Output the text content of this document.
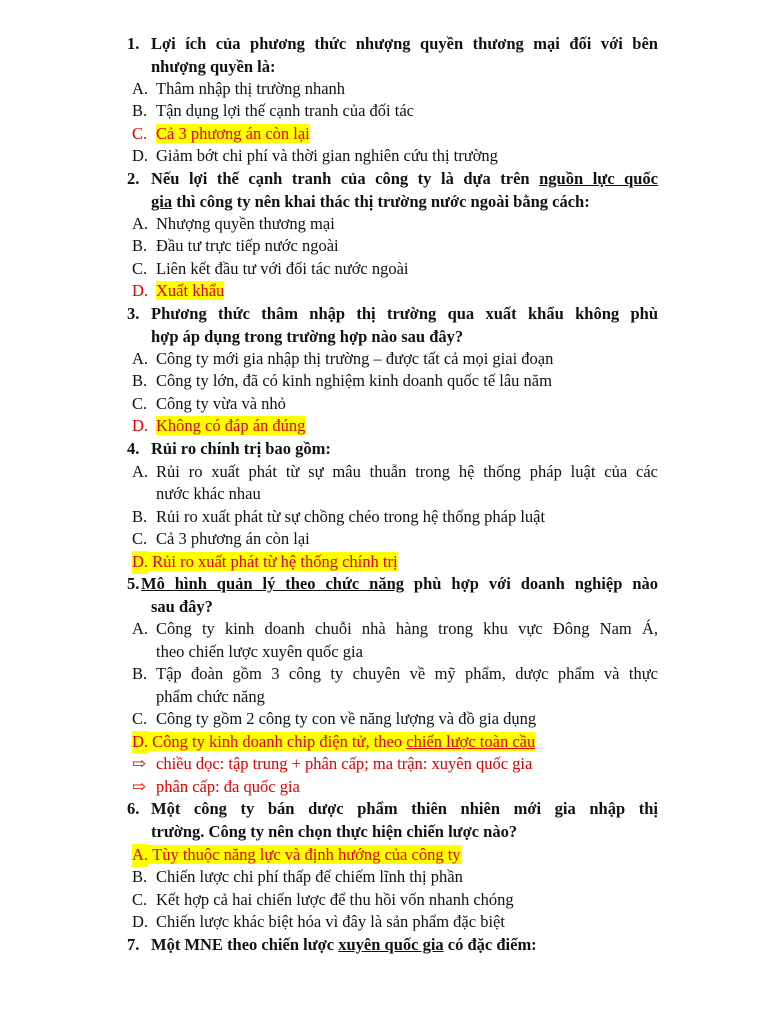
1. Lợi ích của phương thức nhượng quyền thương mại đối với bên
nhượng quyền là:
A. Thâm nhập thị trường nhanh
B. Tận dụng lợi thế cạnh tranh của đối tác
C. Cả 3 phương án còn lại
D. Giảm bớt chi phí và thời gian nghiên cứu thị trường
2. Nếu lợi thế cạnh tranh của công ty là dựa trên nguồn lực quốc
gia thì công ty nên khai thác thị trường nước ngoài bằng cách:
A. Nhượng quyền thương mại
B. Đầu tư trực tiếp nước ngoài
C. Liên kết đầu tư với đối tác nước ngoài
D. Xuất khẩu
3. Phương thức thâm nhập thị trường qua xuất khẩu không phù
hợp áp dụng trong trường hợp nào sau đây?
A. Công ty mới gia nhập thị trường – được tất cả mọi giai đoạn
B. Công ty lớn, đã có kinh nghiệm kinh doanh quốc tế lâu năm
C. Công ty vừa và nhỏ
D. Không có đáp án đúng
4. Rủi ro chính trị bao gồm:
A. Rủi ro xuất phát từ sự mâu thuẫn trong hệ thống pháp luật của các
nước khác nhau
B. Rủi ro xuất phát từ sự chồng chéo trong hệ thống pháp luật
C. Cả 3 phương án còn lại
D. Rủi ro xuất phát từ hệ thống chính trị
5. Mô hình quản lý theo chức năng phù hợp với doanh nghiệp nào
sau đây?
A. Công ty kinh doanh chuỗi nhà hàng trong khu vực Đông Nam Á,
theo chiến lược xuyên quốc gia
B. Tập đoàn gồm 3 công ty chuyên về mỹ phẩm, dược phẩm và thực
phẩm chức năng
C. Công ty gồm 2 công ty con về năng lượng và đồ gia dụng
D. Công ty kinh doanh chip điện tử, theo chiến lược toàn cầu
⇨ chiều dọc: tập trung + phân cấp; ma trận: xuyên quốc gia
⇨ phân cấp: đa quốc gia
6. Một công ty bán dược phẩm thiên nhiên mới gia nhập thị
trường. Công ty nên chọn thực hiện chiến lược nào?
A. Tùy thuộc năng lực và định hướng của công ty
B. Chiến lược chi phí thấp để chiếm lĩnh thị phần
C. Kết hợp cả hai chiến lược để thu hồi vốn nhanh chóng
D. Chiến lược khác biệt hóa vì đây là sản phẩm đặc biệt
7. Một MNE theo chiến lược xuyên quốc gia có đặc điểm:
